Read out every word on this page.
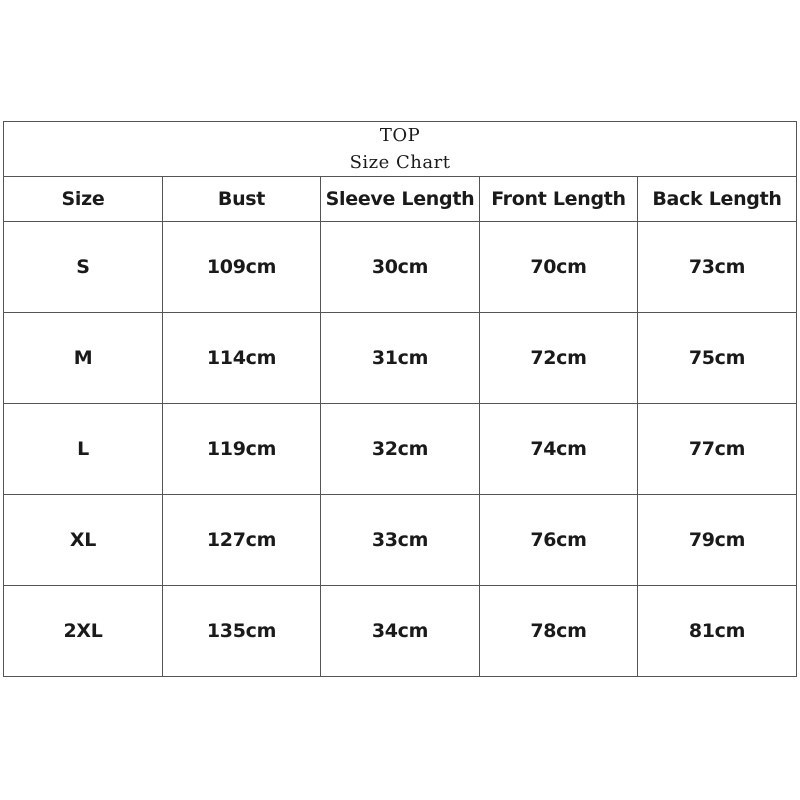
TOP
Size Chart				

Size	Bust	Sleeve Length	Front Length	Back Length
S	109cm	30cm	70cm	73cm
M	114cm	31cm	72cm	75cm
L	119cm	32cm	74cm	77cm
XL	127cm	33cm	76cm	79cm
2XL	135cm	34cm	78cm	81cm
